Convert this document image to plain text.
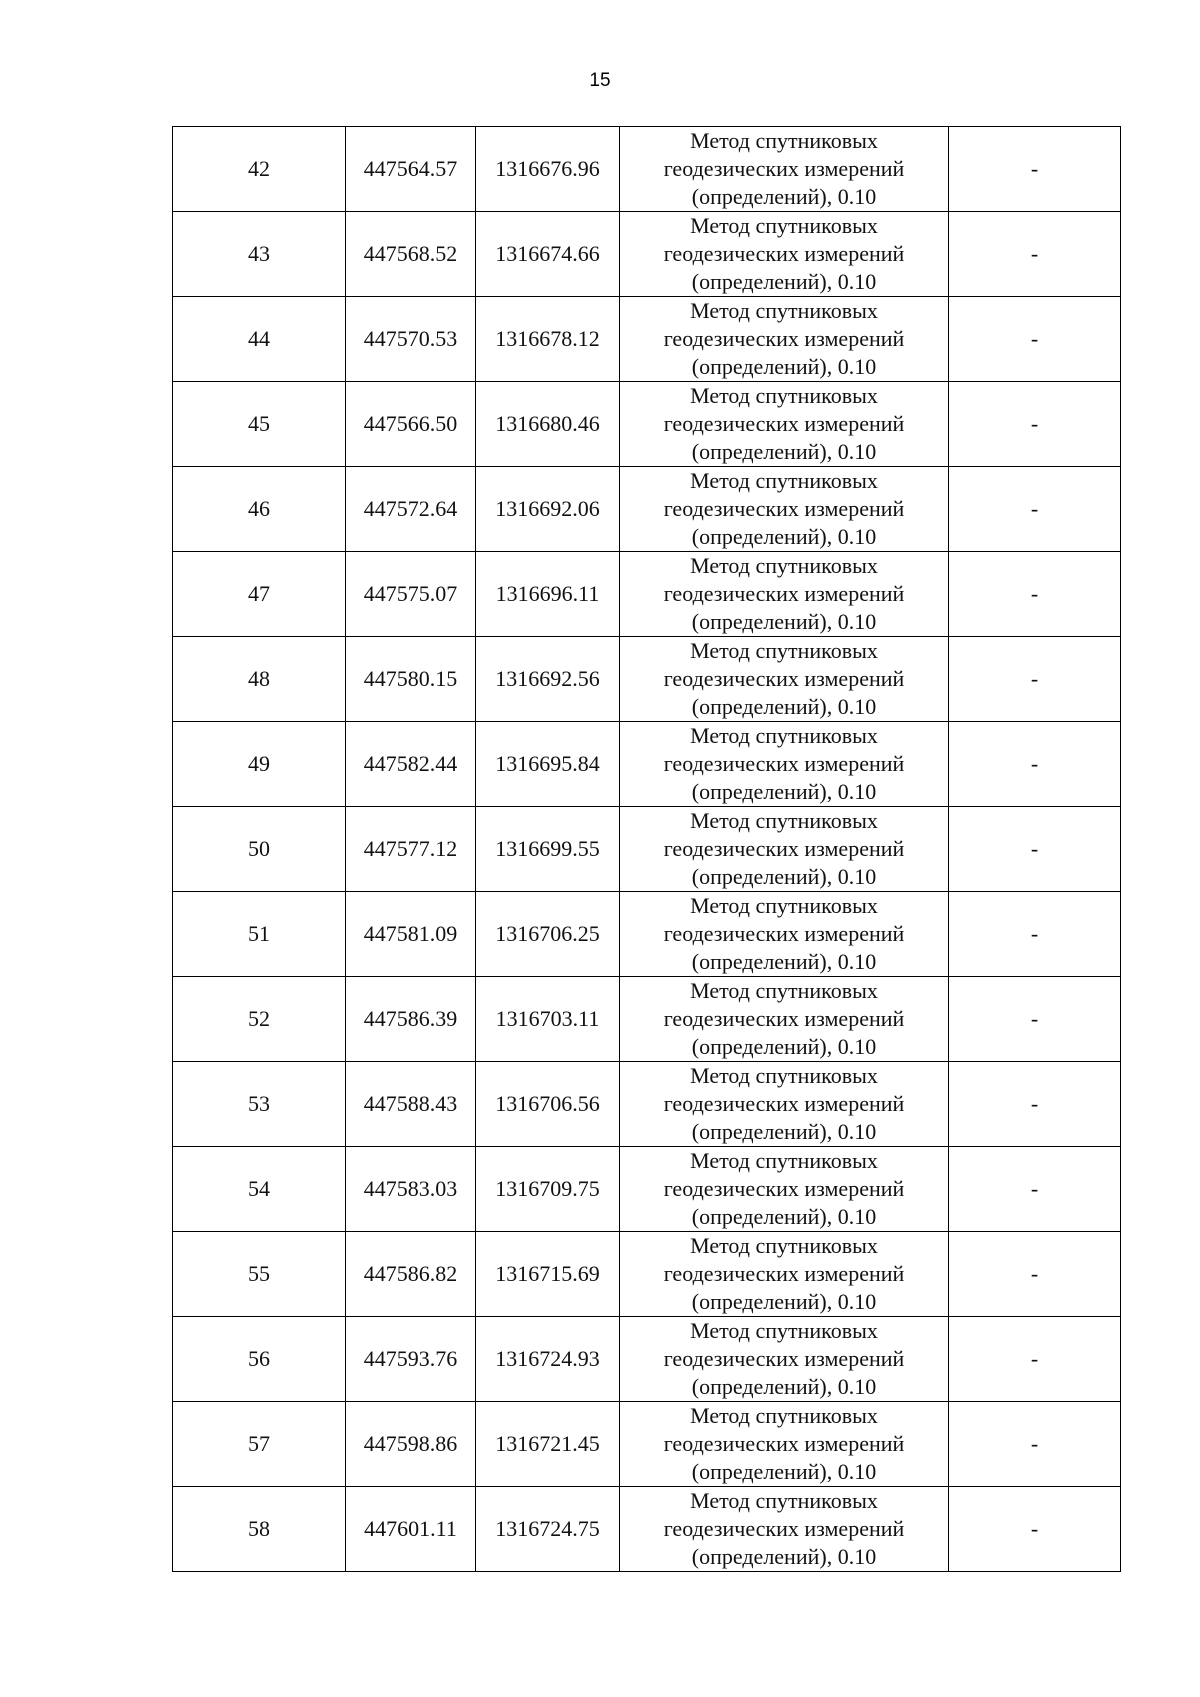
15
42	447564.57	1316676.96	Метод спутниковых
геодезических измерений
(определений), 0.10	-
43	447568.52	1316674.66	Метод спутниковых
геодезических измерений
(определений), 0.10	-
44	447570.53	1316678.12	Метод спутниковых
геодезических измерений
(определений), 0.10	-
45	447566.50	1316680.46	Метод спутниковых
геодезических измерений
(определений), 0.10	-
46	447572.64	1316692.06	Метод спутниковых
геодезических измерений
(определений), 0.10	-
47	447575.07	1316696.11	Метод спутниковых
геодезических измерений
(определений), 0.10	-
48	447580.15	1316692.56	Метод спутниковых
геодезических измерений
(определений), 0.10	-
49	447582.44	1316695.84	Метод спутниковых
геодезических измерений
(определений), 0.10	-
50	447577.12	1316699.55	Метод спутниковых
геодезических измерений
(определений), 0.10	-
51	447581.09	1316706.25	Метод спутниковых
геодезических измерений
(определений), 0.10	-
52	447586.39	1316703.11	Метод спутниковых
геодезических измерений
(определений), 0.10	-
53	447588.43	1316706.56	Метод спутниковых
геодезических измерений
(определений), 0.10	-
54	447583.03	1316709.75	Метод спутниковых
геодезических измерений
(определений), 0.10	-
55	447586.82	1316715.69	Метод спутниковых
геодезических измерений
(определений), 0.10	-
56	447593.76	1316724.93	Метод спутниковых
геодезических измерений
(определений), 0.10	-
57	447598.86	1316721.45	Метод спутниковых
геодезических измерений
(определений), 0.10	-
58	447601.11	1316724.75	Метод спутниковых
геодезических измерений
(определений), 0.10	-
